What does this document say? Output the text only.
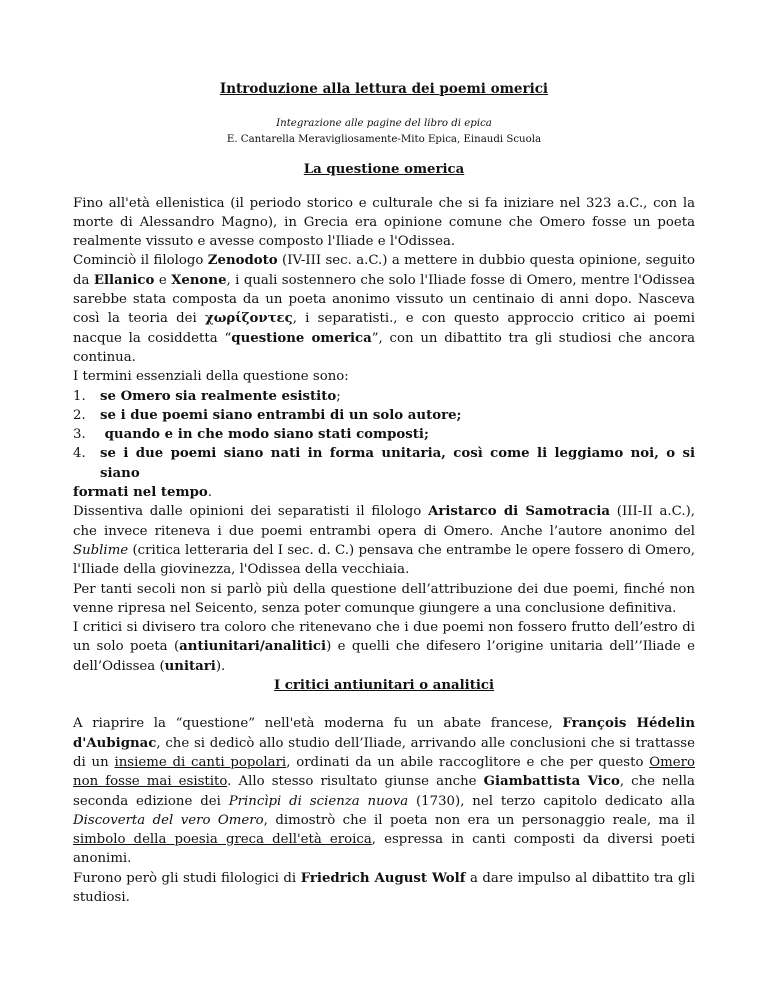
Introduzione alla lettura dei poemi omerici
Integrazione alle pagine del libro di epica
E. Cantarella Meravigliosamente-Mito Epica, Einaudi Scuola
La questione omerica

Fino all'età ellenistica (il periodo storico e culturale che si fa iniziare nel 323 a.C., con la morte di Alessandro Magno), in Grecia era opinione comune che Omero fosse un poeta realmente vissuto e avesse composto l'Iliade e l'Odissea.

Cominciò il filologo Zenodoto (IV-III sec. a.C.) a mettere in dubbio questa opinione, seguito da Ellanico e Xenone, i quali sostennero che solo l'Iliade fosse di Omero, mentre l'Odissea sarebbe stata composta da un poeta anonimo vissuto un centinaio di anni dopo. Nasceva così la teoria dei χωρίζοντες, i separatisti., e con questo approccio critico ai poemi nacque la cosiddetta “questione omerica”, con un dibattito tra gli studiosi che ancora continua.

I termini essenziali della questione sono:

1.	se Omero sia realmente esistito;
2.	se i due poemi siano entrambi di un solo autore;
3.	quando e in che modo siano stati composti;
4.	se i due poemi siano nati in forma unitaria, così come li leggiamo noi, o si siano
formati nel tempo.

Dissentiva dalle opinioni dei separatisti il filologo Aristarco di Samotracia (III-II a.C.), che invece riteneva i due poemi entrambi opera di Omero. Anche l’autore anonimo del Sublime (critica letteraria del I sec. d. C.) pensava che entrambe le opere fossero di Omero, l'Iliade della giovinezza, l'Odissea della vecchiaia.

Per tanti secoli non si parlò più della questione dell’attribuzione dei due poemi, finché non venne ripresa nel Seicento, senza poter comunque giungere a una conclusione definitiva.

I critici si divisero tra coloro che ritenevano che i due poemi non fossero frutto dell’estro di un solo poeta (antiunitari/analitici) e quelli che difesero l’origine unitaria dell’’Iliade e dell’Odissea (unitari).

I critici antiunitari o analitici

A riaprire la “questione” nell'età moderna fu un abate francese, François Hédelin d'Aubignac, che si dedicò allo studio dell’Iliade, arrivando alle conclusioni che si trattasse di un insieme di canti popolari, ordinati da un abile raccoglitore e che per questo Omero non fosse mai esistito. Allo stesso risultato giunse anche Giambattista Vico, che nella seconda edizione dei Princìpi di scienza nuova (1730), nel terzo capitolo dedicato alla Discoverta del vero Omero, dimostrò che il poeta non era un personaggio reale, ma il simbolo della poesia greca dell'età eroica, espressa in canti composti da diversi poeti anonimi.

Furono però gli studi filologici di Friedrich August Wolf a dare impulso al dibattito tra gli studiosi.
